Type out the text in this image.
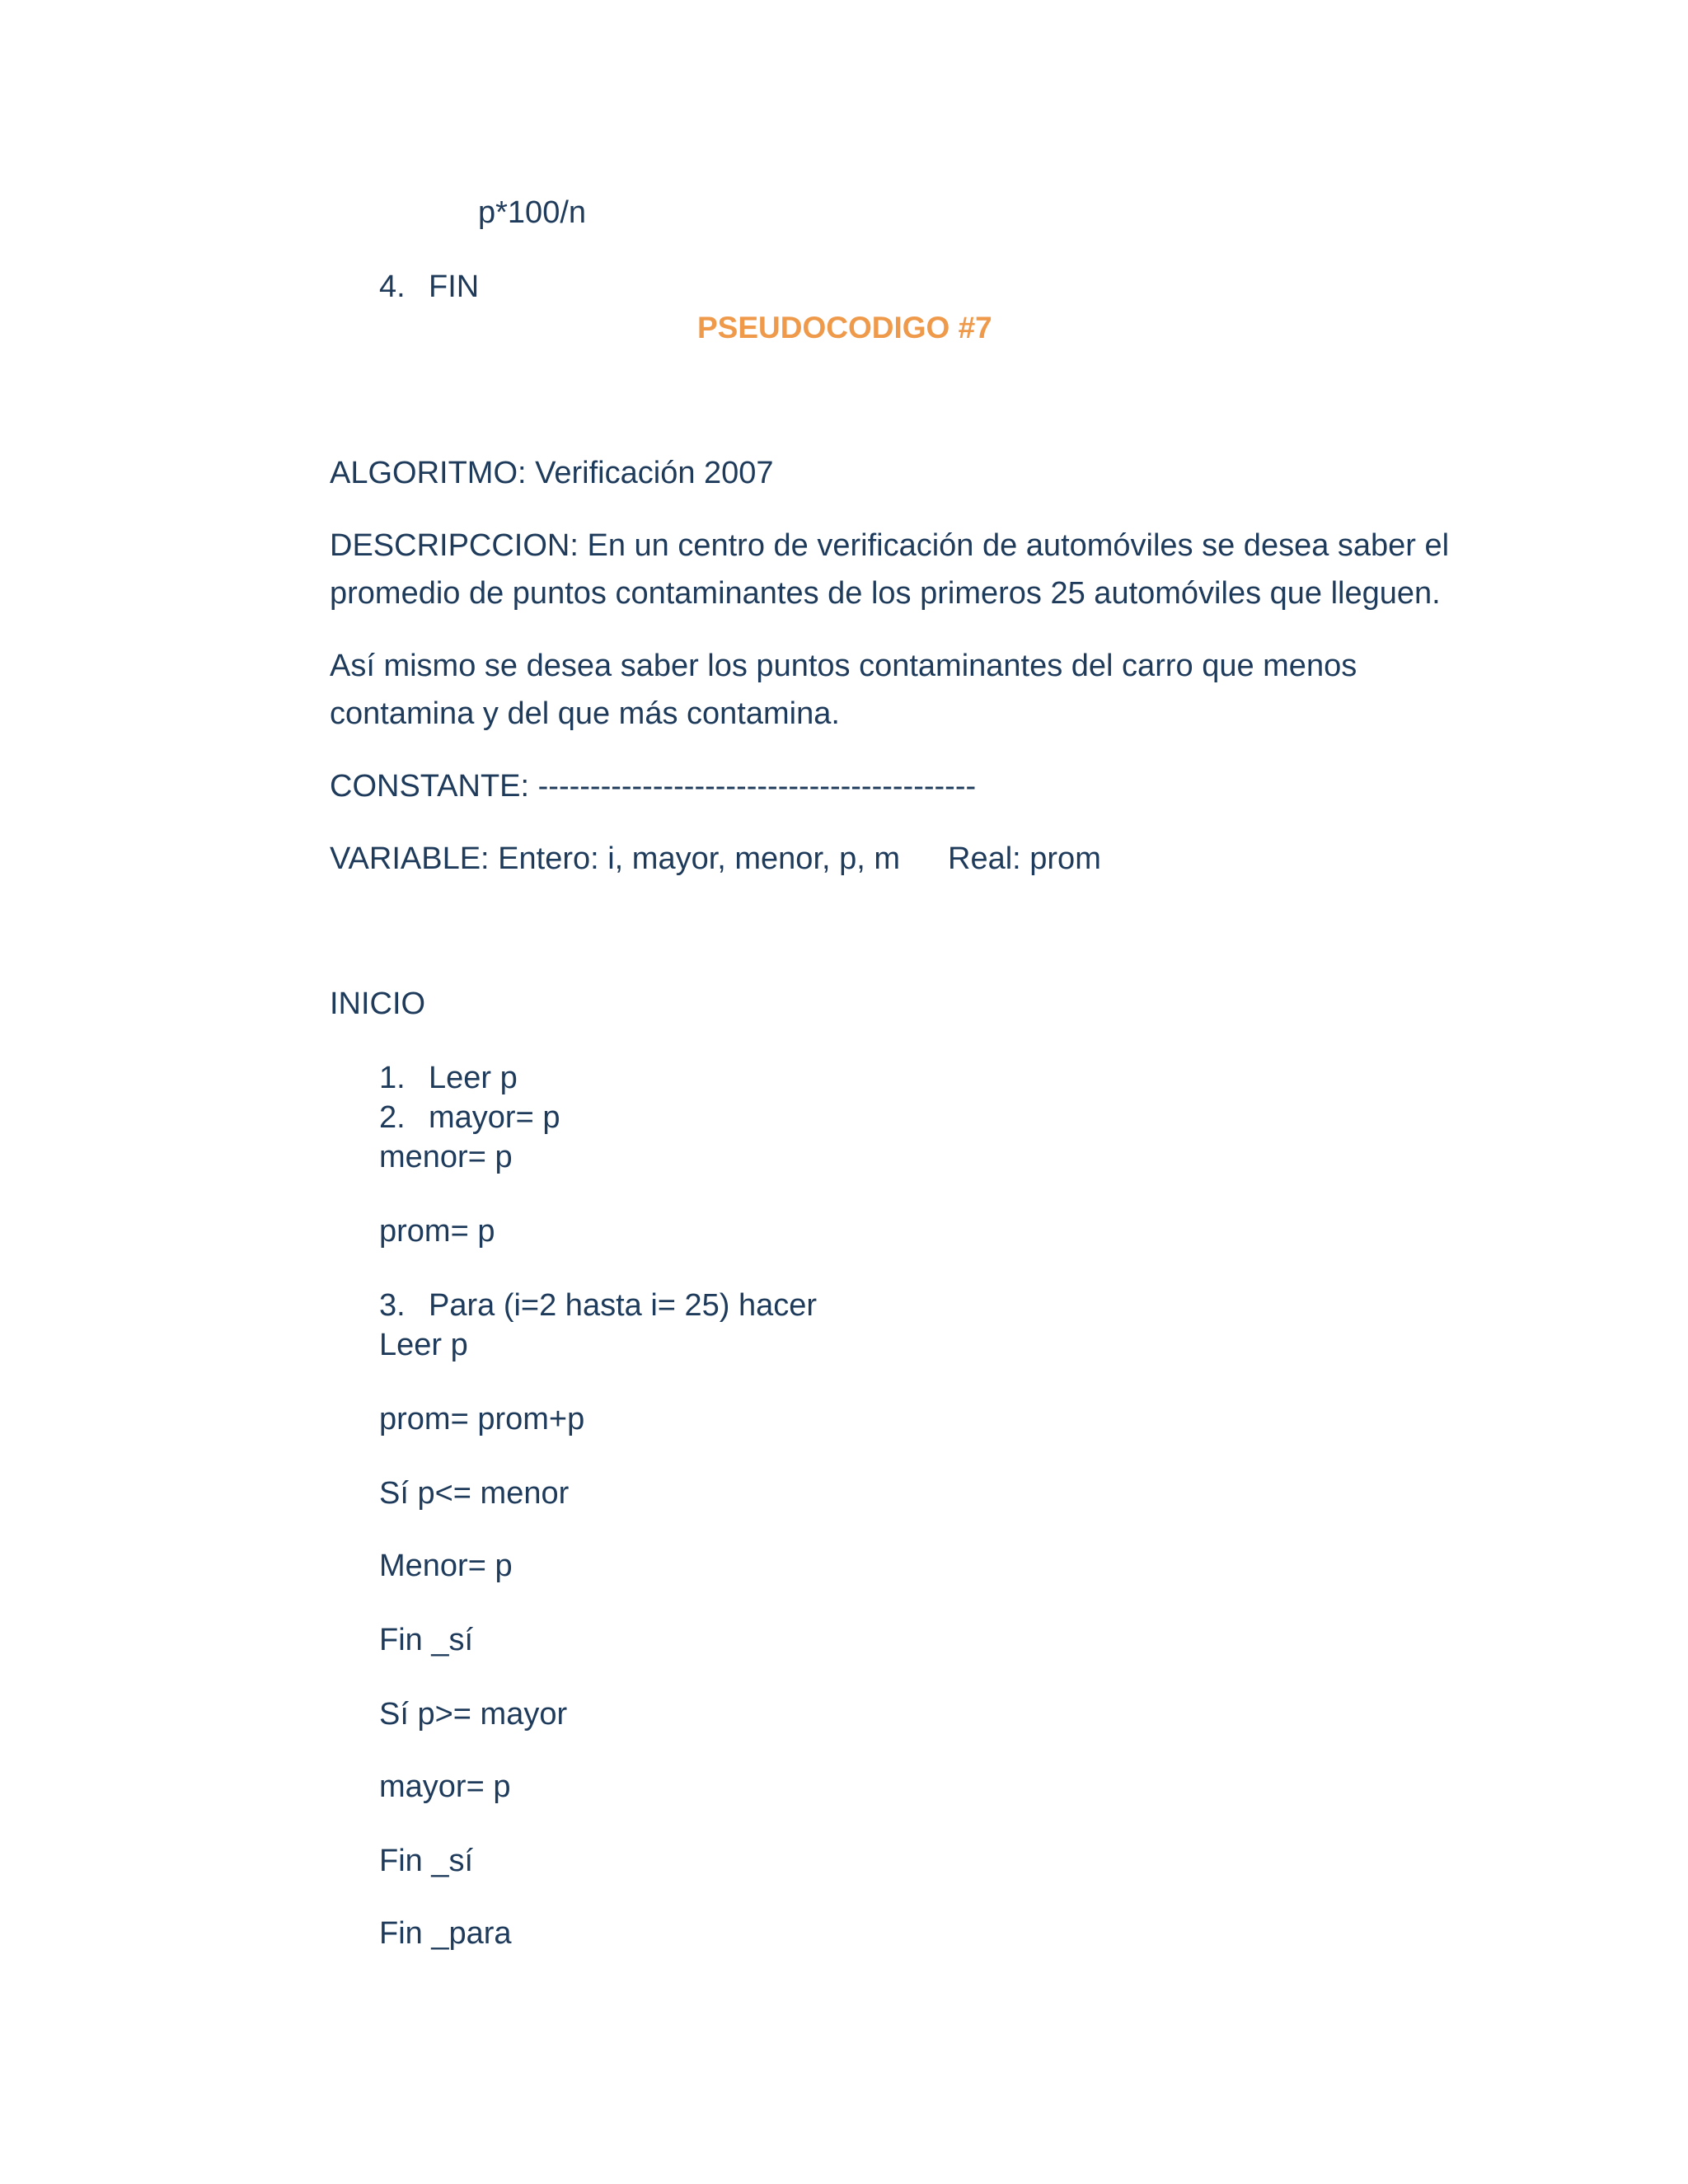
p*100/n
4. FIN
PSEUDOCODIGO #7
ALGORITMO: Verificación 2007
DESCRIPCCION: En un centro de verificación de automóviles se desea saber el
promedio de puntos contaminantes de los primeros 25 automóviles que lleguen.
Así mismo se desea saber los puntos contaminantes del carro que menos
contamina y del que más contamina.
CONSTANTE: ------------------------------------------
VARIABLE: Entero: i, mayor, menor, p, m Real: prom
INICIO
1. Leer p
2. mayor= p
menor= p
prom= p
3. Para (i=2 hasta i= 25) hacer
Leer p
prom= prom+p
Sí p<= menor
Menor= p
Fin _sí
Sí p>= mayor
mayor= p
Fin _sí
Fin _para
